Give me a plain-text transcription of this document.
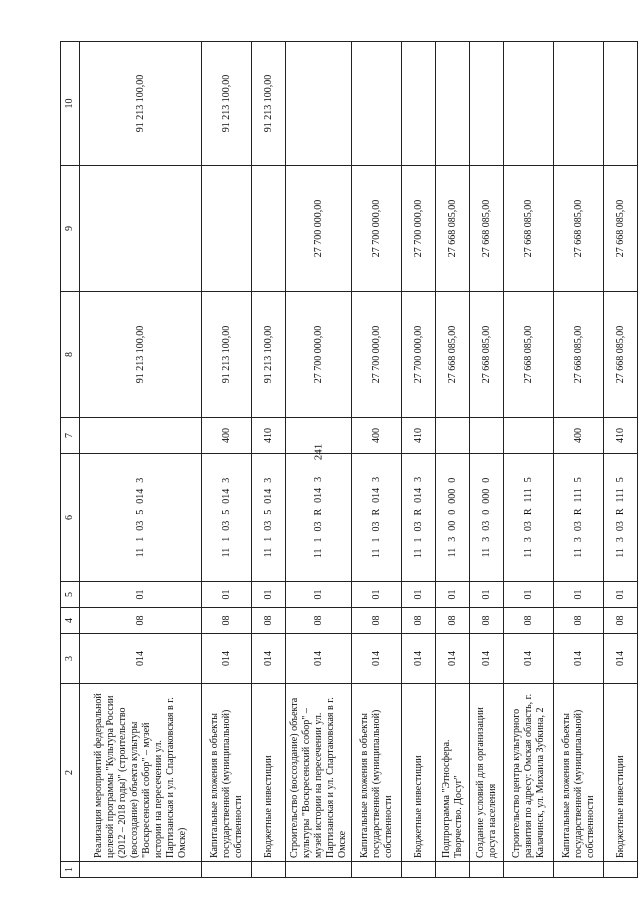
241
1	2	3	4	5	6	7	8	9	10
	Реализация мероприятий федеральной целевой программы "Культура России (2012 – 2018 годы)" (строительство (воссоздание) объекта культуры "Воскресенский собор" – музей истории на пересечении ул. Партизанская и ул. Спартаковская в г. Омске)	014	08	01	1110350143		91 213 100,00		91 213 100,00
	Капитальные вложения в объекты государственной (муниципальной) собственности	014	08	01	1110350143	400	91 213 100,00		91 213 100,00
	Бюджетные инвестиции	014	08	01	1110350143	410	91 213 100,00		91 213 100,00
	Строительство (воссоздание) объекта культуры "Воскресенский собор" – музей истории на пересечении ул. Партизанская и ул. Спартаковская в г. Омске	014	08	01	11103R0143		27 700 000,00	27 700 000,00	
	Капитальные вложения в объекты государственной (муниципальной) собственности	014	08	01	11103R0143	400	27 700 000,00	27 700 000,00	
	Бюджетные инвестиции	014	08	01	11103R0143	410	27 700 000,00	27 700 000,00	
	Подпрограмма "Этносфера. Творчество. Досуг"	014	08	01	1130000000		27 668 085,00	27 668 085,00	
	Создание условий для организации досуга населения	014	08	01	1130300000		27 668 085,00	27 668 085,00	
	Строительство центра культурного развития по адресу: Омская область, г. Калачинск, ул. Михаила Зубкина, 2	014	08	01	11303R1115		27 668 085,00	27 668 085,00	
	Капитальные вложения в объекты государственной (муниципальной) собственности	014	08	01	11303R1115	400	27 668 085,00	27 668 085,00	
	Бюджетные инвестиции	014	08	01	11303R1115	410	27 668 085,00	27 668 085,00	
